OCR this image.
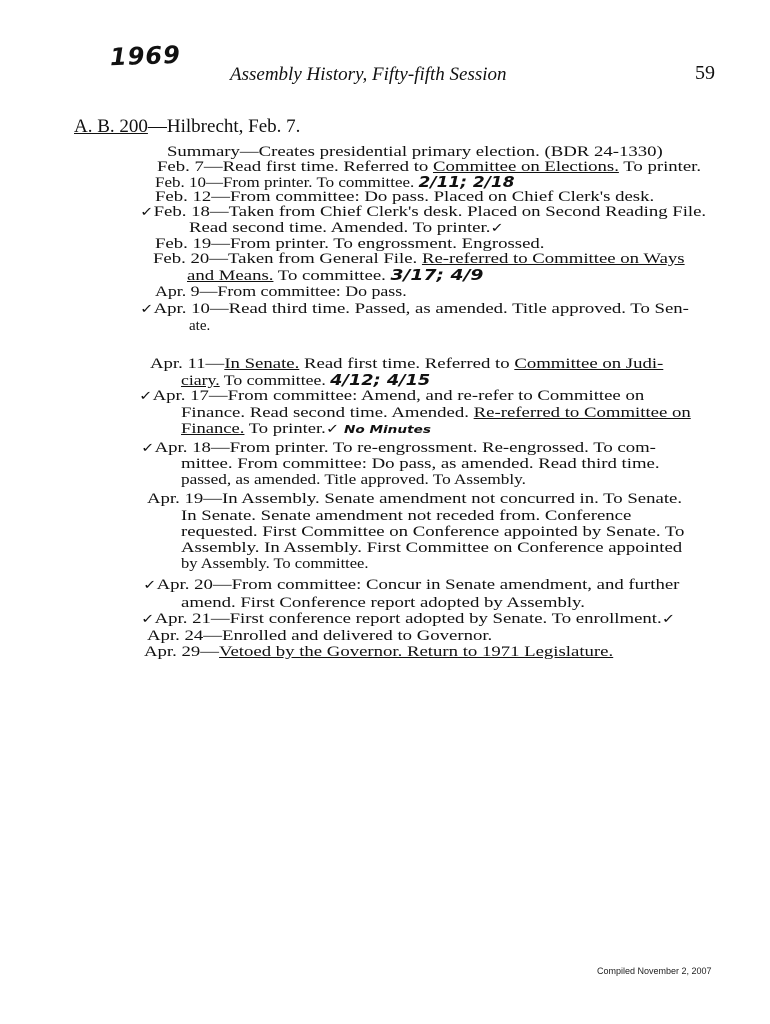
1969
Assembly History, Fifty-fifth Session	59
A. B. 200—Hilbrecht, Feb. 7.
Summary—Creates presidential primary election. (BDR 24-1330)
Feb. 7—Read first time. Referred to Committee on Elections. To printer.
Feb. 10—From printer. To committee. 2/11; 2/18
Feb. 12—From committee: Do pass. Placed on Chief Clerk's desk.
✓Feb. 18—Taken from Chief Clerk's desk. Placed on Second Reading File.
Read second time. Amended. To printer.✓
Feb. 19—From printer. To engrossment. Engrossed.
Feb. 20—Taken from General File. Re-referred to Committee on Ways
and Means. To committee. 3/17; 4/9
Apr. 9—From committee: Do pass.
✓Apr. 10—Read third time. Passed, as amended. Title approved. To Sen-
ate.
Apr. 11—In Senate. Read first time. Referred to Committee on Judi-
ciary. To committee. 4/12; 4/15
✓Apr. 17—From committee: Amend, and re-refer to Committee on
Finance. Read second time. Amended. Re-referred to Committee on
Finance. To printer.✓ No Minutes
✓Apr. 18—From printer. To re-engrossment. Re-engrossed. To com-
mittee. From committee: Do pass, as amended. Read third time.
passed, as amended. Title approved. To Assembly.
Apr. 19—In Assembly. Senate amendment not concurred in. To Senate.
In Senate. Senate amendment not receded from. Conference
requested. First Committee on Conference appointed by Senate. To
Assembly. In Assembly. First Committee on Conference appointed
by Assembly. To committee.
✓Apr. 20—From committee: Concur in Senate amendment, and further
amend. First Conference report adopted by Assembly.
✓Apr. 21—First conference report adopted by Senate. To enrollment.✓
Apr. 24—Enrolled and delivered to Governor.
Apr. 29—Vetoed by the Governor. Return to 1971 Legislature.
Compiled November 2, 2007
